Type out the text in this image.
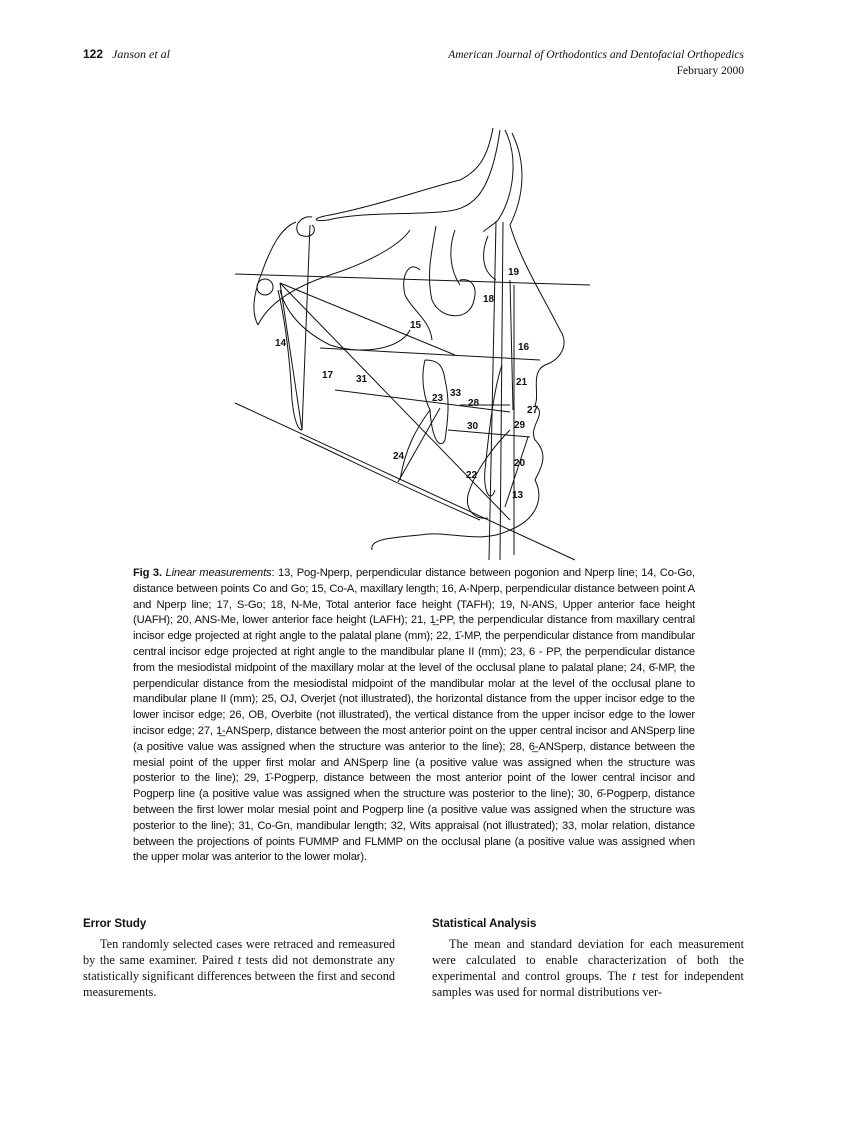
122 Janson et al	American Journal of Orthodontics and Dentofacial Orthopedics
February 2000
14
15
16
17
18
19
20
21
22
23
24
27
28
29
30
31
33
13
Fig 3. Linear measurements: 13, Pog-Nperp, perpendicular distance between pogonion and Nperp line; 14, Co-Go, distance between points Co and Go; 15, Co-A, maxillary length; 16, A-Nperp, perpendicular distance between point A and Nperp line; 17, S-Go; 18, N-Me, Total anterior face height (TAFH); 19, N-ANS, Upper anterior face height (UAFH); 20, ANS-Me, lower anterior face height (LAFH); 21, 1̲-PP, the perpendicular distance from maxillary central incisor edge projected at right angle to the palatal plane (mm); 22, 1̄-MP, the perpendicular distance from mandibular central incisor edge projected at right angle to the mandibular plane II (mm); 23, 6 - PP, the perpendicular distance from the mesiodistal midpoint of the maxillary molar at the level of the occlusal plane to palatal plane; 24, 6̄-MP, the perpendicular distance from the mesiodistal midpoint of the mandibular molar at the level of the occlusal plane to mandibular plane II (mm); 25, OJ, Overjet (not illustrated), the horizontal distance from the upper incisor edge to the lower incisor edge; 26, OB, Overbite (not illustrated), the vertical distance from the upper incisor edge to the lower incisor edge; 27, 1̲-ANSperp, distance between the most anterior point on the upper central incisor and ANSperp line (a positive value was assigned when the structure was anterior to the line); 28, 6̲-ANSperp, distance between the mesial point of the upper first molar and ANSperp line (a positive value was assigned when the structure was posterior to the line); 29, 1̄-Pogperp, distance between the most anterior point of the lower central incisor and Pogperp line (a positive value was assigned when the structure was posterior to the line); 30, 6̄-Pogperp, distance between the first lower molar mesial point and Pogperp line (a positive value was assigned when the structure was posterior to the line); 31, Co-Gn, mandibular length; 32, Wits appraisal (not illustrated); 33, molar relation, distance between the projections of points FUMMP and FLMMP on the occlusal plane (a positive value was assigned when the upper molar was anterior to the lower molar).
Error Study

Ten randomly selected cases were retraced and remeasured by the same examiner. Paired t tests did not demonstrate any statistically significant differences between the first and second measurements.

Statistical Analysis

The mean and standard deviation for each measurement were calculated to enable characterization of both the experimental and control groups. The t test for independent samples was used for normal distributions ver-
